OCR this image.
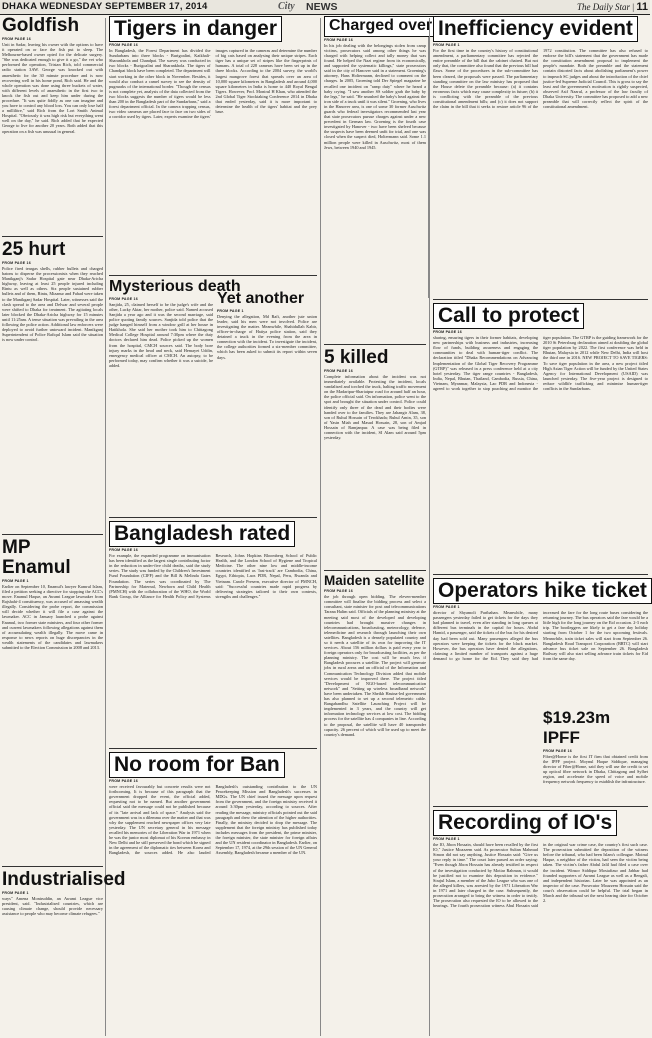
DHAKA WEDNESDAY SEPTEMBER 17, 2014	City NEWS	The Daily Star | 11
Goldfish
FROM PAGE 16

Unit in Sadar, leaving his owner with the options to have it operated on or face the fish put to sleep. The Melbourne-based owner opted for the delicate surgery. "She was dedicated enough to give it a go," the vet who performed the operation, Tristan Rich, told commercial radio station 3AW. George was knocked out with anaesthetic for the 30 minute procedure and is now recovering well in his home pond, Rich said. He and the whole operation was done using three buckets of water, with different levels of anaesthetic in the first two to knock the fish out and keep him under during the procedure. "It was quite fiddly as one can imagine and you have to control any blood loss. You can only lose half a millilitre," said Rich from the Lort Smith Animal Hospital. "Obviously it was high risk but everything went well on the day," he said. Rich added that he expected George to live for another 20 years. Both added that this operation on a fish was unusual in general.

25 hurt
FROM PAGE 16

Police fired teargas shells, rubber bullets and charged batons to disperse the processionists when they reached Manikganj's Sadar Hospital gate near Dhaka-Aricha highway, leaving at least 25 people injured including Rintu as well as others. Six people sustained rubber bullets and of them, Rintu, Mizanur and Fahad were taken to the Manikganj Sadar Hospital. Later, witnesses said the clash spread to the area and Delwar and several people were shifted to Dhaka for treatment. The agitating locals later blocked the Dhaka-Aricha highway for 15 minutes until 11:25am. A tense situation was prevailing in the area following the police action. Additional law enforcers were deployed to avoid further untoward incident. Manikganj Superintendent of Police Rafiqul Islam said the situation is now under control.

MP Enamul
FROM PAGE 1

Earlier on September 10, Enamul's lawyer Kamrul Islam, filed a petition seeking a directive for stopping the ACC's move. Enamul Haque, an Awami League lawmaker from Rajshahi-4 constituency, was accused of amassing wealth illegally. Considering the probe report, the commission will decide whether it will file a case against the lawmaker. ACC in January launched a probe against Enamul, two former state ministers, and four other former and current lawmakers following allegations against them of accumulating wealth illegally. The move came in response to news reports on huge discrepancies in the wealth statements of the candidates and lawmakers submitted to the Election Commission in 2008 and 2013.

Industrialised
FROM PAGE 1

ways" Amena Moniruddin, an Awami League vice president, said. "Industrialised countries, which are causing climate change, should provide necessary assistance to people who may become climate refugees."

Tigers in danger
FROM PAGE 16

In Bangladesh, the Forest Department has divided the Sundarbans into three blocks - Burigoalini, Kaikhali-Sharankhola and Chandpai. The survey was conducted in two blocks - Burigoalini and Sharankhola. The tigers of Chandpai block have been completed. The department will start working in the other block in November. Besides, it would also conduct a camel survey to see the density of pugmarks of the international border. "Though the census is not complete yet, analysis of the data collected from the two blocks suggests the number of tigers would be less than 200 in the Bangladesh part of the Sundarbans," said a forest department official. In the camera trapping census, two video cameras are placed face to face on two sides of a corridor used by tigers. Later, experts examine the tigers' images captured in the cameras and determine the number of big cats based on analysing their unique stripes. Each tiger has a unique set of stripes like the fingerprints of humans. A total of 228 cameras have been set up in the three blocks. According to the 2004 survey, the world's largest mangrove forest that spreads over an area of 10,000 square kilometres in Bangladesh and around 4,000 square kilometres in India is home to 440 Royal Bengal Tigers. However, Prof. Monirul H Khan, who attended the 2nd Global Tiger Stocktaking Conference 2014 in Dhaka that ended yesterday, said it is more important to determine the health of the tigers' habitat and the prey base.

Mysterious death
FROM PAGE 16

Sanjida, 25, claimed herself to be the judge's wife and the other, Lucky Aktar, her mother, police said. Named accused Sanjida a year ago and it was the second marriage, said police quoting family sources. Sanjida told police that the judge hanged himself from a window grill at her house in Hatikhola. She said her mother took him to Chittagong Medical College Hospital around 7:30pm where the duty doctors declared him dead. Police picked up the women from the hospital, CMCH sources said. The body bore injury marks in the head and neck, said Hemayet Uddin, emergency medical officer at CMCH. An autopsy, to be performed today, may confirm whether it was a suicide, he added.

Yet another
FROM PAGE 1

Denying the allegation, Md Rafi, another jute union leader, said his men were not involved. Police are investigating the matter. Meanwhile, Shahidullah Kabir, officer-in-charge of Hatiya police station, said they detained a truck in the evening from the area in connection with the incident. To investigate the incident, the college authorities formed a six-member committee, which has been asked to submit its report within seven days.

Bangladesh rated
FROM PAGE 16

For example, the expanded programme on immunisation has been identified as the largest single contributing factor in the reduction in under-five child deaths, said the study series. The study was funded by the Children's Investment Fund Foundation (CIFF) and the Bill & Melinda Gates Foundation. The series was coordinated by The Partnership for Maternal, Newborn and Child Health (PMNCH) with the collaboration of the WHO, the World Bank Group, the Alliance for Health Policy and Systems Research, Johns Hopkins Bloomberg School of Public Health, and the London School of Hygiene and Tropical Medicine. The other nine low and middle-income countries identified as 'fast-track' are Cambodia, China, Egypt, Ethiopia, Laos PDR, Nepal, Peru, Rwanda and Vietnam. Carole Presern, executive director of PMNCH, said: "Successful countries made rapid progress by delivering strategies tailored to their own contexts, strengths and challenges."

No room for Ban
FROM PAGE 16

were received favourably but concrete results were not forthcoming. It is because of this paragraph that the government dropped the event, the official added, requesting not to be named. But another government official said the message could not be published because of its "late arrival and lack of space." Analysts said the government was in a dilemma over the matter and that was why the supplement reached newspaper offices very late yesterday. The UN secretary general in his message recalled his memories of the Liberation War in 1971 when he was the junior most diplomat of his Korean embassy in New Delhi and he still preserved the bond which he signed in the agreement of the diplomatic ties between Korea and Bangladesh, the sources added. He also lauded Bangladesh's outstanding contribution to the UN Peacekeeping Mission and Bangladesh's successes in MDGs. The UN chief issued the message upon request from the government, and the foreign ministry received it around 3:30pm yesterday, according to sources. After reading the message, ministry officials pointed out the said paragraph and drew the attention of the higher authorities. Finally, the ministry decided to drop the message. The supplement that the foreign ministry has published today includes messages from the president, the prime minister, the foreign minister, the state minister for foreign affairs and the UN resident coordinator in Bangladesh. Earlier, on September 17, 1974, at the 29th session of the UN General Assembly, Bangladesh became a member of the UN.

Charged over
FROM PAGE 16

In his job dealing with the belongings stolen from camp victims, prosecutors said among other things he was charged with helping collect and tally money that was found. He helped the Nazi regime from its economically, and supported the systematic killings," state prosecutors said in the city of Hanover said in a statement. Groening's attorney, Hans Holtermann, declined to comment on the charges. In 2005, Groening told Der Spiegel magazine he recalled one incident on "ramp duty" where he heard a baby crying. "I saw another SS soldier grab the baby by the legs," he said. "He smashed the baby's head against the iron side of a truck until it was silent." Groening, who lives in the Hanover area, is one of some 30 former Auschwitz guards who federal investigators recommended last year that state prosecutors pursue charges against under a new precedent in German law. Groening is the fourth case investigated by Hanover - two have been shelved because the suspects have been deemed unfit for trial, and one was closed when the suspect died, Holtermann said. Some 1.1 million people were killed in Auschwitz, most of them Jews, between 1940 and 1945.

5 killed
FROM PAGE 16

Complete information about the incident was not immediately available. Protesting the incident, locals vandalised and torched the truck, halting traffic movement on the Madaripur-Shariatpur road for around half an hour, the police official said. On information, police went to the spot and brought the situation under control. Police could identify only three of the dead and their bodies were handed over to the families. They are Jahangir Alam, 38, son of Ruhul Hossain of Terokhada; Ruhul Amin, 35, son of Yasin Miah and Masud Hossain, 28, son of Amjad Hossain of Ramjanpur. A case was being filed in connection with the incident, SI Alam said around 5pm yesterday.

Maiden satellite
FROM PAGE 16

the job through open bidding. The eleven-member committee will finalise the bidding process and select a consultant, state minister for post and telecommunications Tarana Halim said. Officials of the planning ministry at the meeting said most of the developed and developing countries had brought massive changes in telecommunications, broadcasting, meteorology, defence, telemedicine and research through launching their own satellites. Bangladesh is a densely populated country and so it needs a satellite of its own for improving the IT services. About 156 million dollars is paid every year to foreign operators only for broadcasting facilities, as per the planning ministry. The cost will be much less if Bangladesh procures a satellite. The project will generate jobs in rural areas and an official of the Information and Communication Technology Division added that mobile services would be improved there. The project titled "Development of NGO-based telecommunication network" and "Setting up wireless broadband network" have been undertaken. The Sheikh Hasina-led government has also planned to set up a second telemetric cable. Bangabandhu Satellite Launching Project will be implemented in 3 years, and the country will get information technology services at low cost. The bidding process for the satellite has 4 companies in line. According to the proposal, the satellite will have 40 transponder capacity. 26 percent of which will be used up to meet the country's demand.

Inefficiency evident
FROM PAGE 1

For the first time in the country's history of constitutional amendment, a parliamentary committee has rejected the entire preamble of the bill that the cabinet chaired. But not only that, the committee also found that the previous bill had flaws. Some of the procedures in the sub-committee has been cleared, the proposals were passed. The parliamentary standing committee on the law ministry has proposed that the House delete the preamble because: (a) it contains erroneous facts which may cause complexity in future; (b) it is conflicting with the preamble of the previous constitutional amendment bills; and (c) it does not support the claim in the bill that it seeks to restore article 96 of the 1972 constitution. The committee has also refused to endorse the bill's statement that the government has made the constitution amendment proposal to implement the people's mandate. Both the preamble and the statement contain distorted facts about abolishing parliament's power to impeach SC judges and about the introduction of the chief justice-led Supreme Judicial Council. This is gross to say the least and the government's motivation is rightly suspected, observed Asif Nazrul, a professor of the law faculty of Dhaka University. The committee has proposed to add a new preamble that will correctly reflect the spirit of the constitutional amendment.

Call to protect
FROM PAGE 16

sharing, ensuring tigers in their former habitats, developing new partnerships with business and industries, increasing flow of funds, building awareness and engaging the communities to deal with human-tiger conflict. The declaration titled "Dhaka Recommendations on Advancing Implementation of the Global Tiger Recovery Programme (GTRP)" was released in a press conference held at a city hotel yesterday. The tiger range countries - Bangladesh, India, Nepal, Bhutan, Thailand, Cambodia, Russia, China, Vietnam, Myanmar, Malaysia, Lao PDR and Indonesia - agreed to work together to stop poaching and monitor the tiger population. The GTRP is the guiding framework for the 2010 St Petersburg declaration aimed at doubling the global tiger population by 2022. The first conference was held in Bhutan, Malaysia in 2012 while New Delhi, India will host the third one in 2016. NEW PROJECT TO SAVE TIGERS: To save tiger population in the area, a new project titled High Asian Tiger Action will be funded by the United States Agency for International Development (USAID) was launched yesterday. The five-year project is designed to reduce wildlife trafficking and minimise human-tiger conflicts in the Sundarbans.

Operators hike ticket
FROM PAGE 1

director of Shyamoli Paribahan. Meanwhile, many passengers yesterday failed to get tickets for the days they had planned to travel, even after standing in long queues at different bus terminals in the capital for hours. Abdul Hamid, a passenger, said the tickets of the bus for his desired day had been sold out. Many passengers alleged the bus operators were keeping the tickets for the black market. However, the bus operators have denied the allegations, claiming a limited number of transports against a huge demand to go home for the Eid. They said they had increased the fare for the long route buses considering the returning journey. The bus operators said the fare would be a little high for the long journey on the Eid occasion. 2-3 each trip. The bootleggers are likely to get a fare day holiday starting from October 1 for the two upcoming festivals. Meanwhile, train ticket sales will start from September 26. Bangladesh Road Transport Corporation (BRTC) will start advance bus ticket sale on September 26. Bangladesh Railway will also start selling advance train tickets for Eid from the same day.

$19.23m IPFF
FROM PAGE 16

Fiber@Home is the first IT firm that obtained credit from the IPFF project. Moynul Haque Siddique, managing director of Fiber@Home, said they will use the credit to set up optical fibre network in Dhaka, Chittagong and Sylhet region, and accelerate the speed of voice and mobile frequency network frequency to establish the infrastructure.

Recording of IO's
FROM PAGE 1

the IO, Jibon Hossain, should have been recalled by the first IO," Justice Moazzem said. As prosecutor Sultan Mahmud Simon did not say anything, Justice Hossain said: "Give us your reply in time." The court later passed an order saying: "Even though Jibon Hossain has already testified in respect of the investigation conducted by Motiar Rahman, it would be justified not to examine this deposition in evidence." Sirajul Islam, a member of the Jubo League who was one of the alleged killers, was arrested by the 1971 Liberation War in 1971 and later charged in the case. Subsequently, the prosecution arranged to bring the witness in order to testify. The prosecution also requested the IO to be allowed to the hearings. The fourth prosecution witness Abul Hossain said in the original war crime case, the country's first such case. The prosecution submitted the deposition of the witness before the tribunal, who had been Islam's colleague. Moinul Haque, a neighbor of the victim, had seen the victim being taken. The victim's father Abdul Jalil had filed a case over the incident. Winsor Siddiqur Mostafizur and Jabbar had founded supporters of Awami League as well as a Bengali, and independent historian. Later he was appointed as an inspector of the case. Prosecutor Moazzem Hossain said the court's observation could be helpful. The trial began in March and the tribunal set the next hearing date for October 2.
